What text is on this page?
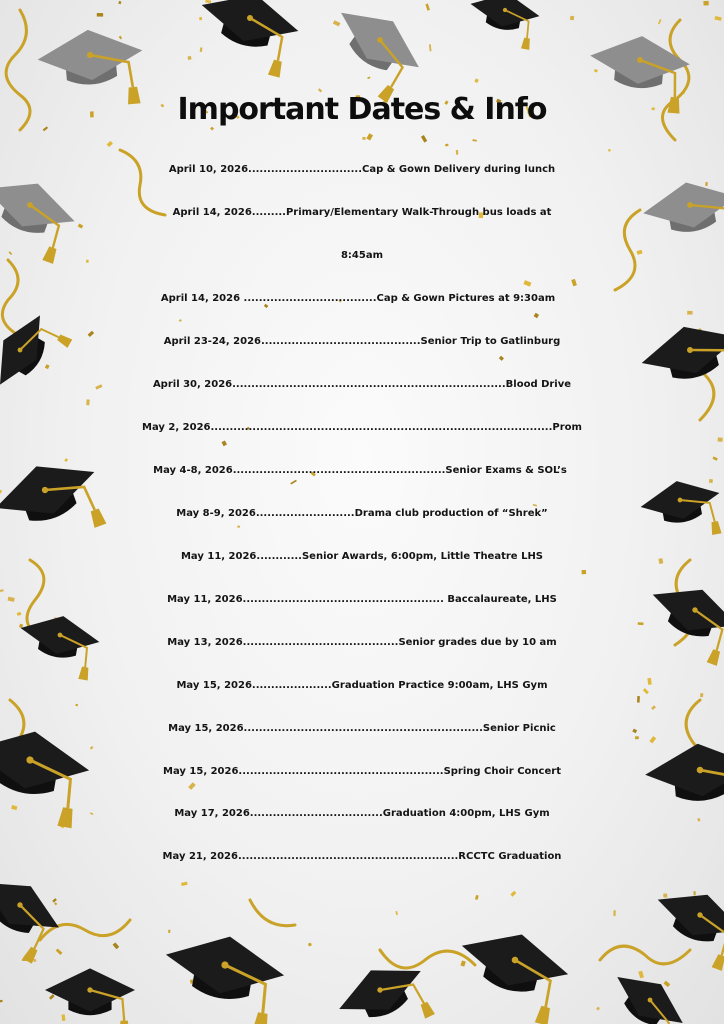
Important Dates & Info
April 10, 2026..............................Cap & Gown Delivery during lunch
April 14, 2026.........Primary/Elementary Walk-Through bus loads at
8:45am
April 14, 2026 ...................................Cap & Gown Pictures at 9:30am
April 23-24, 2026..........................................Senior Trip to Gatlinburg
April 30, 2026........................................................................Blood Drive
May 2, 2026..........................................................................................Prom
May 4-8, 2026........................................................Senior Exams & SOL’s
May 8-9, 2026..........................Drama club production of “Shrek”
May 11, 2026............Senior Awards, 6:00pm, Little Theatre LHS
May 11, 2026..................................................... Baccalaureate, LHS
May 13, 2026.........................................Senior grades due by 10 am
May 15, 2026.....................Graduation Practice 9:00am, LHS Gym
May 15, 2026...............................................................Senior Picnic
May 15, 2026......................................................Spring Choir Concert
May 17, 2026...................................Graduation 4:00pm, LHS Gym
May 21, 2026..........................................................RCCTC Graduation
